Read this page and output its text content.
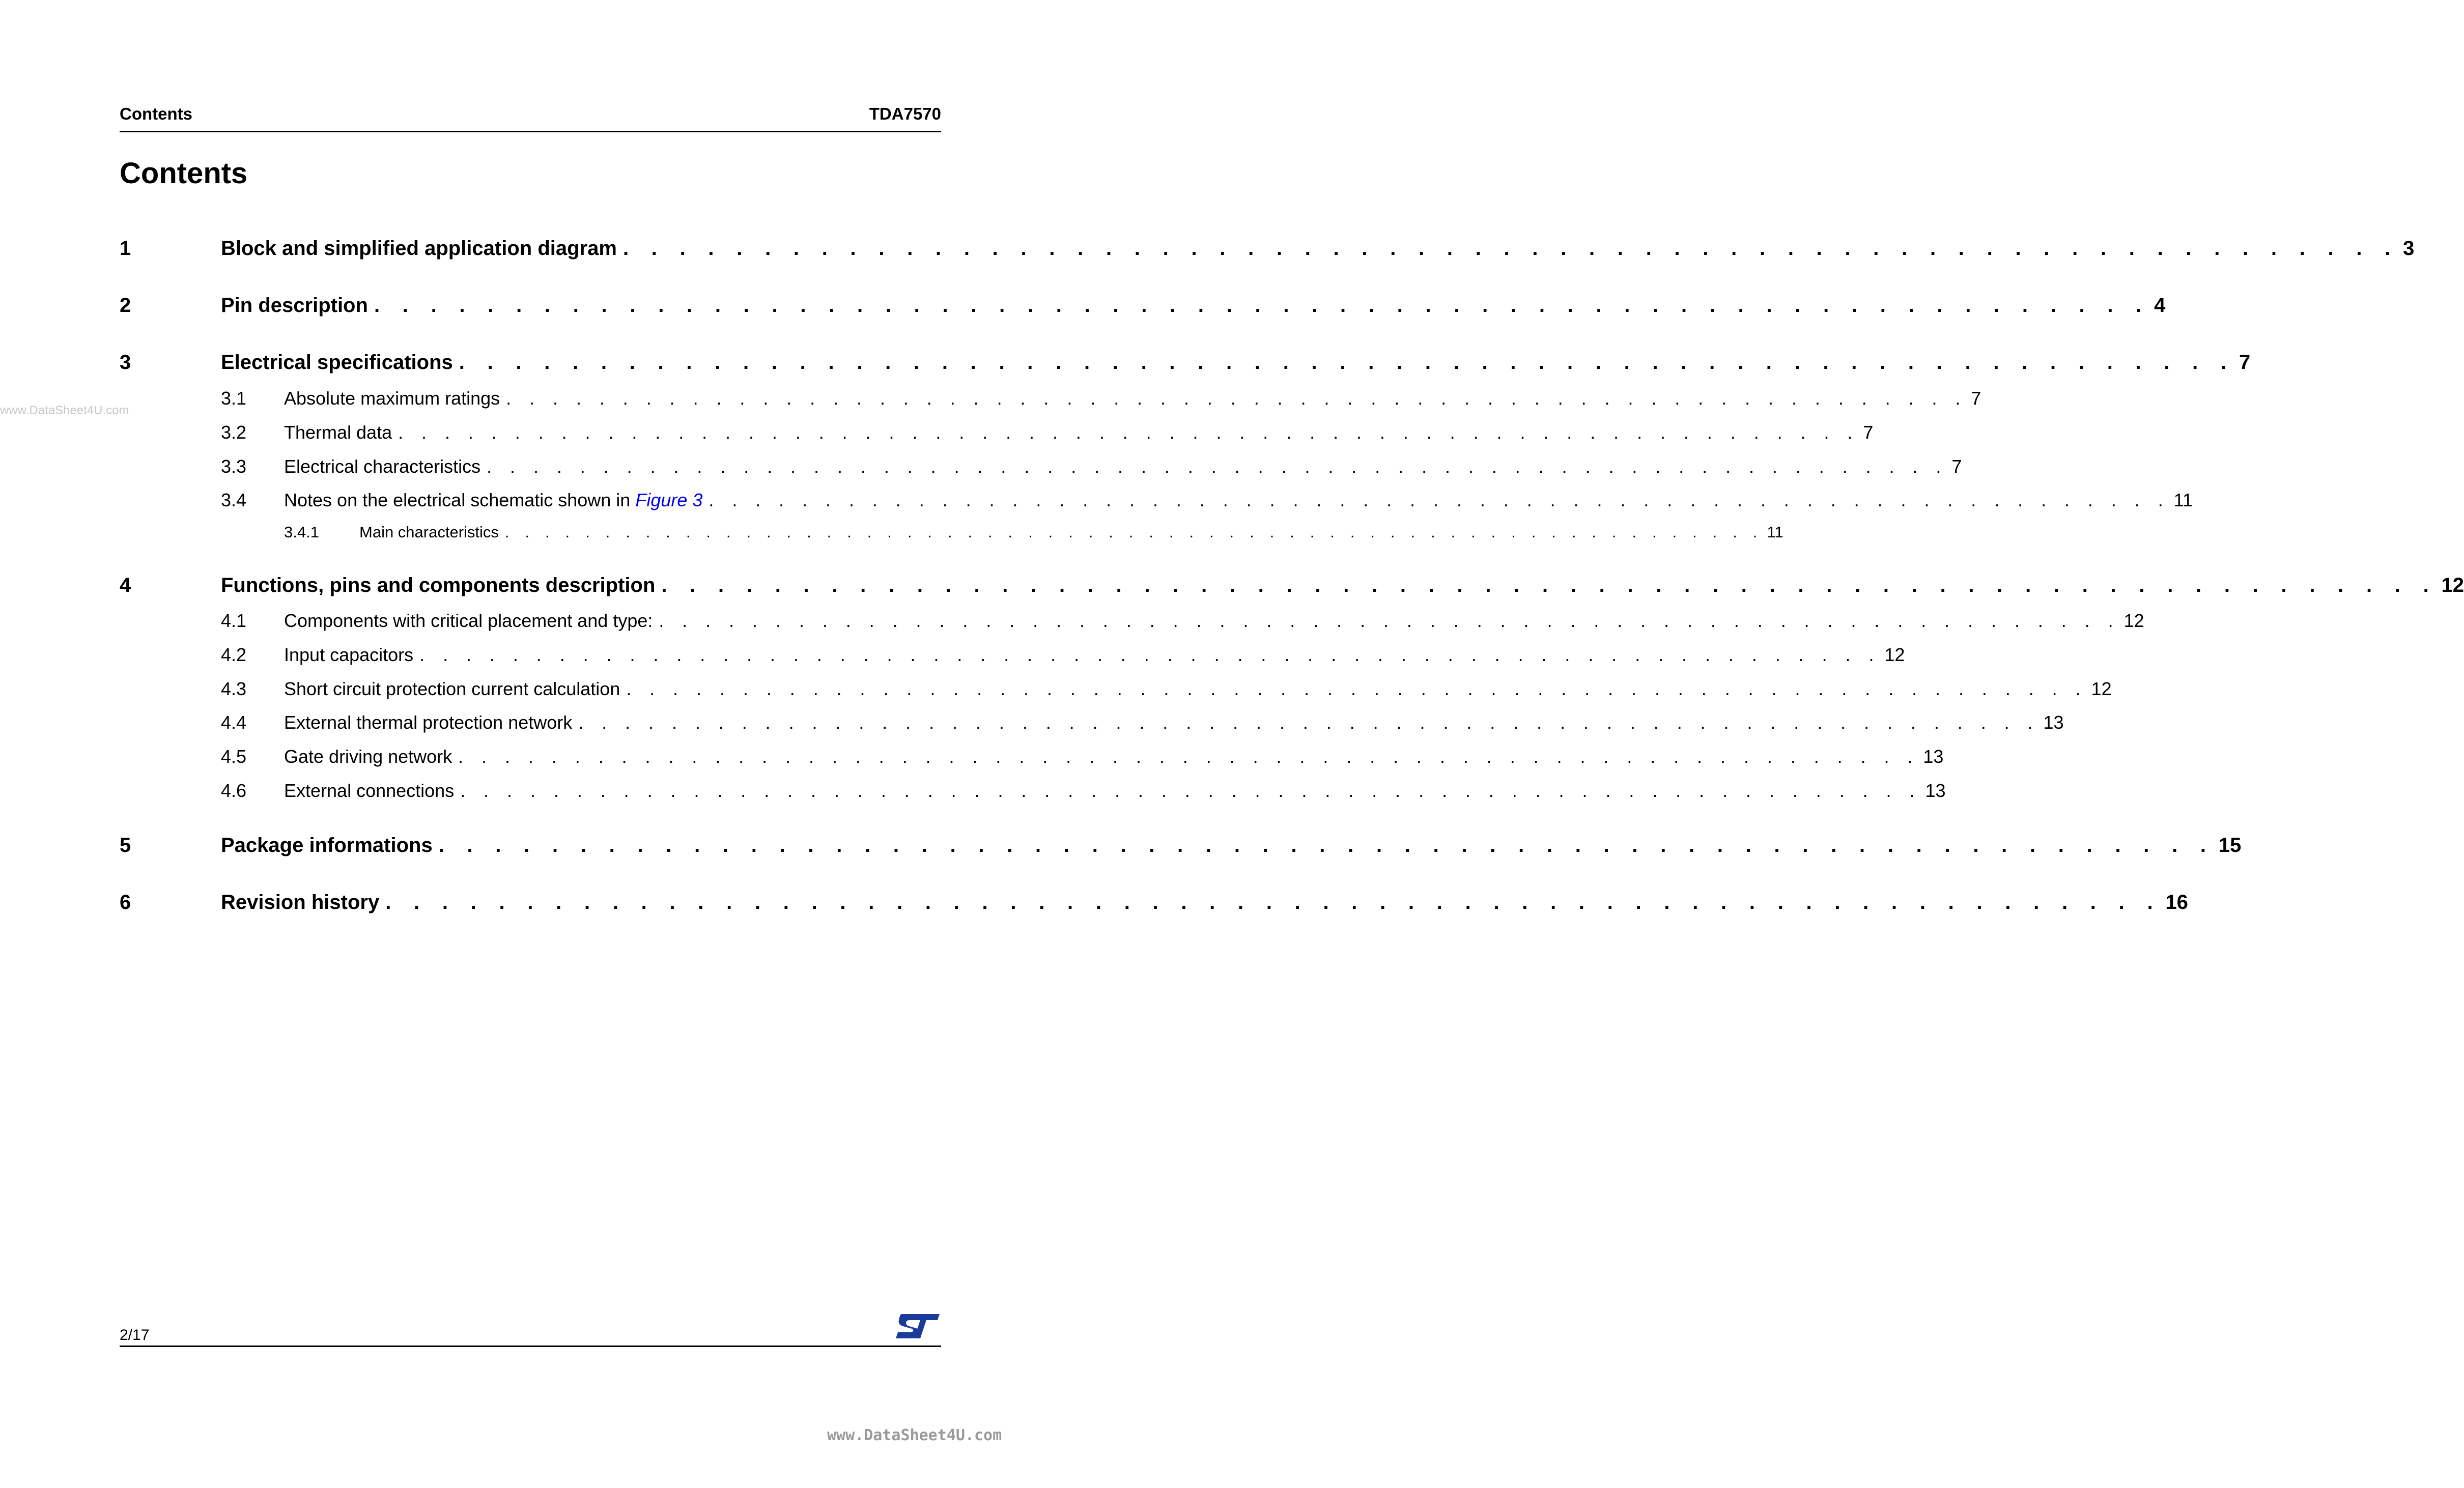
Contents	TDA7570
Contents
www.DataSheet4U.com
1	Block and simplified application diagram . . . . . . . . . . . . . . . . . . . . . . . . . . . . . . . . . . . . . . . . . . . . . . . . . . . . . . . . . . . . . . . 3
2	Pin description . . . . . . . . . . . . . . . . . . . . . . . . . . . . . . . . . . . . . . . . . . . . . . . . . . . . . . . . . . . . . . . 4
3	Electrical specifications . . . . . . . . . . . . . . . . . . . . . . . . . . . . . . . . . . . . . . . . . . . . . . . . . . . . . . . . . . . . . . . 7
3.1	Absolute maximum ratings . . . . . . . . . . . . . . . . . . . . . . . . . . . . . . . . . . . . . . . . . . . . . . . . . . . . . . . . . . . . . . . 7
3.2	Thermal data . . . . . . . . . . . . . . . . . . . . . . . . . . . . . . . . . . . . . . . . . . . . . . . . . . . . . . . . . . . . . . . 7
3.3	Electrical characteristics . . . . . . . . . . . . . . . . . . . . . . . . . . . . . . . . . . . . . . . . . . . . . . . . . . . . . . . . . . . . . . . 7
3.4	Notes on the electrical schematic shown in Figure 3 . . . . . . . . . . . . . . . . . . . . . . . . . . . . . . . . . . . . . . . . . . . . . . . . . . . . . . . . . . . . . . . 11
3.4.1	Main characteristics . . . . . . . . . . . . . . . . . . . . . . . . . . . . . . . . . . . . . . . . . . . . . . . . . . . . . . . . . . . . . . . 11
4	Functions, pins and components description . . . . . . . . . . . . . . . . . . . . . . . . . . . . . . . . . . . . . . . . . . . . . . . . . . . . . . . . . . . . . . . 12
4.1	Components with critical placement and type: . . . . . . . . . . . . . . . . . . . . . . . . . . . . . . . . . . . . . . . . . . . . . . . . . . . . . . . . . . . . . . . 12
4.2	Input capacitors . . . . . . . . . . . . . . . . . . . . . . . . . . . . . . . . . . . . . . . . . . . . . . . . . . . . . . . . . . . . . . . 12
4.3	Short circuit protection current calculation . . . . . . . . . . . . . . . . . . . . . . . . . . . . . . . . . . . . . . . . . . . . . . . . . . . . . . . . . . . . . . . 12
4.4	External thermal protection network . . . . . . . . . . . . . . . . . . . . . . . . . . . . . . . . . . . . . . . . . . . . . . . . . . . . . . . . . . . . . . . 13
4.5	Gate driving network . . . . . . . . . . . . . . . . . . . . . . . . . . . . . . . . . . . . . . . . . . . . . . . . . . . . . . . . . . . . . . . 13
4.6	External connections . . . . . . . . . . . . . . . . . . . . . . . . . . . . . . . . . . . . . . . . . . . . . . . . . . . . . . . . . . . . . . . 13
5	Package informations . . . . . . . . . . . . . . . . . . . . . . . . . . . . . . . . . . . . . . . . . . . . . . . . . . . . . . . . . . . . . . . 15
6	Revision history . . . . . . . . . . . . . . . . . . . . . . . . . . . . . . . . . . . . . . . . . . . . . . . . . . . . . . . . . . . . . . . 16
2/17
www.DataSheet4U.com
